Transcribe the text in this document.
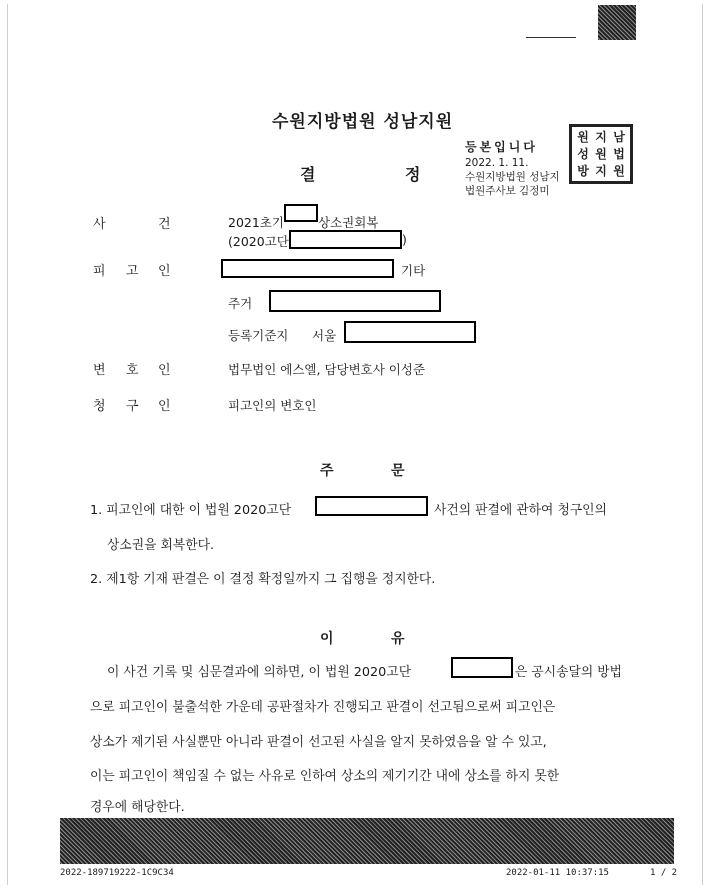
수원지방법원 성남지원
결	정
등본입니다
2022. 1. 11.
수원지방법원 성남지
법원주사보 김정미
원 지 남
성 원 법
방 지 원
사	건	2021초기	상소권회복
(2020고단	)
피 고 인	기타
주거
등록기준지 서울
변 호 인	법무법인 에스엘, 담당변호사 이성준
청 구 인	피고인의 변호인
주	문
1. 피고인에 대한 이 법원 2020고단	사건의 판결에 관하여 청구인의
상소권을 회복한다.
2. 제1항 기재 판결은 이 결정 확정일까지 그 집행을 정지한다.
이	유
이 사건 기록 및 심문결과에 의하면, 이 법원 2020고단	은 공시송달의 방법
으로 피고인이 불출석한 가운데 공판절차가 진행되고 판결이 선고됨으로써 피고인은
상소가 제기된 사실뿐만 아니라 판결이 선고된 사실을 알지 못하였음을 알 수 있고,
이는 피고인이 책임질 수 없는 사유로 인하여 상소의 제기기간 내에 상소를 하지 못한
경우에 해당한다.
2022-189719222-1C9C34	2022-01-11 10:37:15	1 / 2
